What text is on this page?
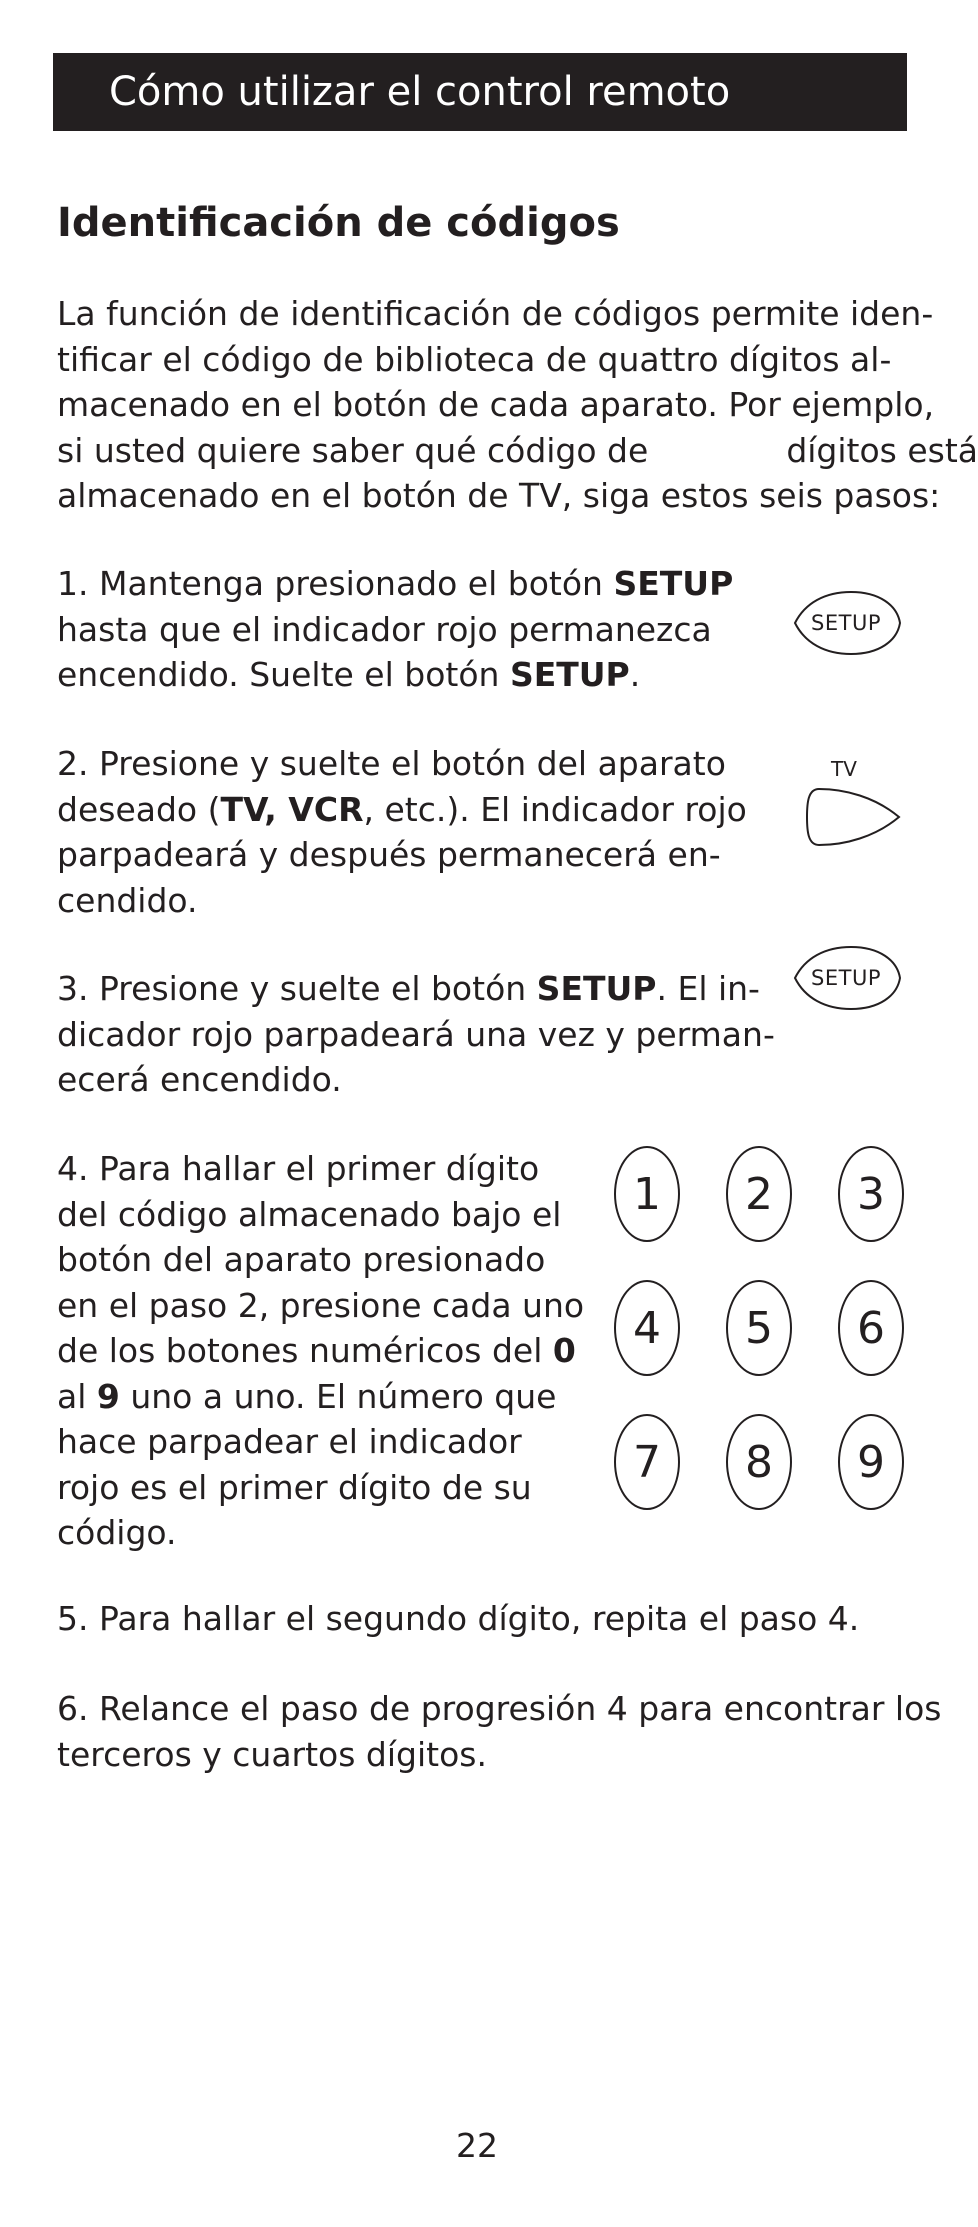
Cómo utilizar el control remoto
Identificación de códigos

La función de identificación de códigos permite iden-
tificar el código de biblioteca de quattro dígitos al-
macenado en el botón de cada aparato. Por ejemplo,
si usted quiere saber qué código de	dígitos está
almacenado en el botón de TV, siga estos seis pasos:

1. Mantenga presionado el botón SETUP
hasta que el indicador rojo permanezca
encendido. Suelte el botón SETUP.

SETUP

2. Presione y suelte el botón del aparato
deseado (TV, VCR, etc.). El indicador rojo
parpadeará y después permanecerá en-
cendido.

TV

3. Presione y suelte el botón SETUP. El in-
dicador rojo parpadeará una vez y perman-
ecerá encendido.

SETUP

4. Para hallar el primer dígito
del código almacenado bajo el
botón del aparato presionado
en el paso 2, presione cada uno
de los botones numéricos del 0
al 9 uno a uno. El número que
hace parpadear el indicador
rojo es el primer dígito de su
código.

1	2	3
4	5	6
7	8	9

5. Para hallar el segundo dígito, repita el paso 4.

6. Relance el paso de progresión 4 para encontrar los
terceros y cuartos dígitos.

22
